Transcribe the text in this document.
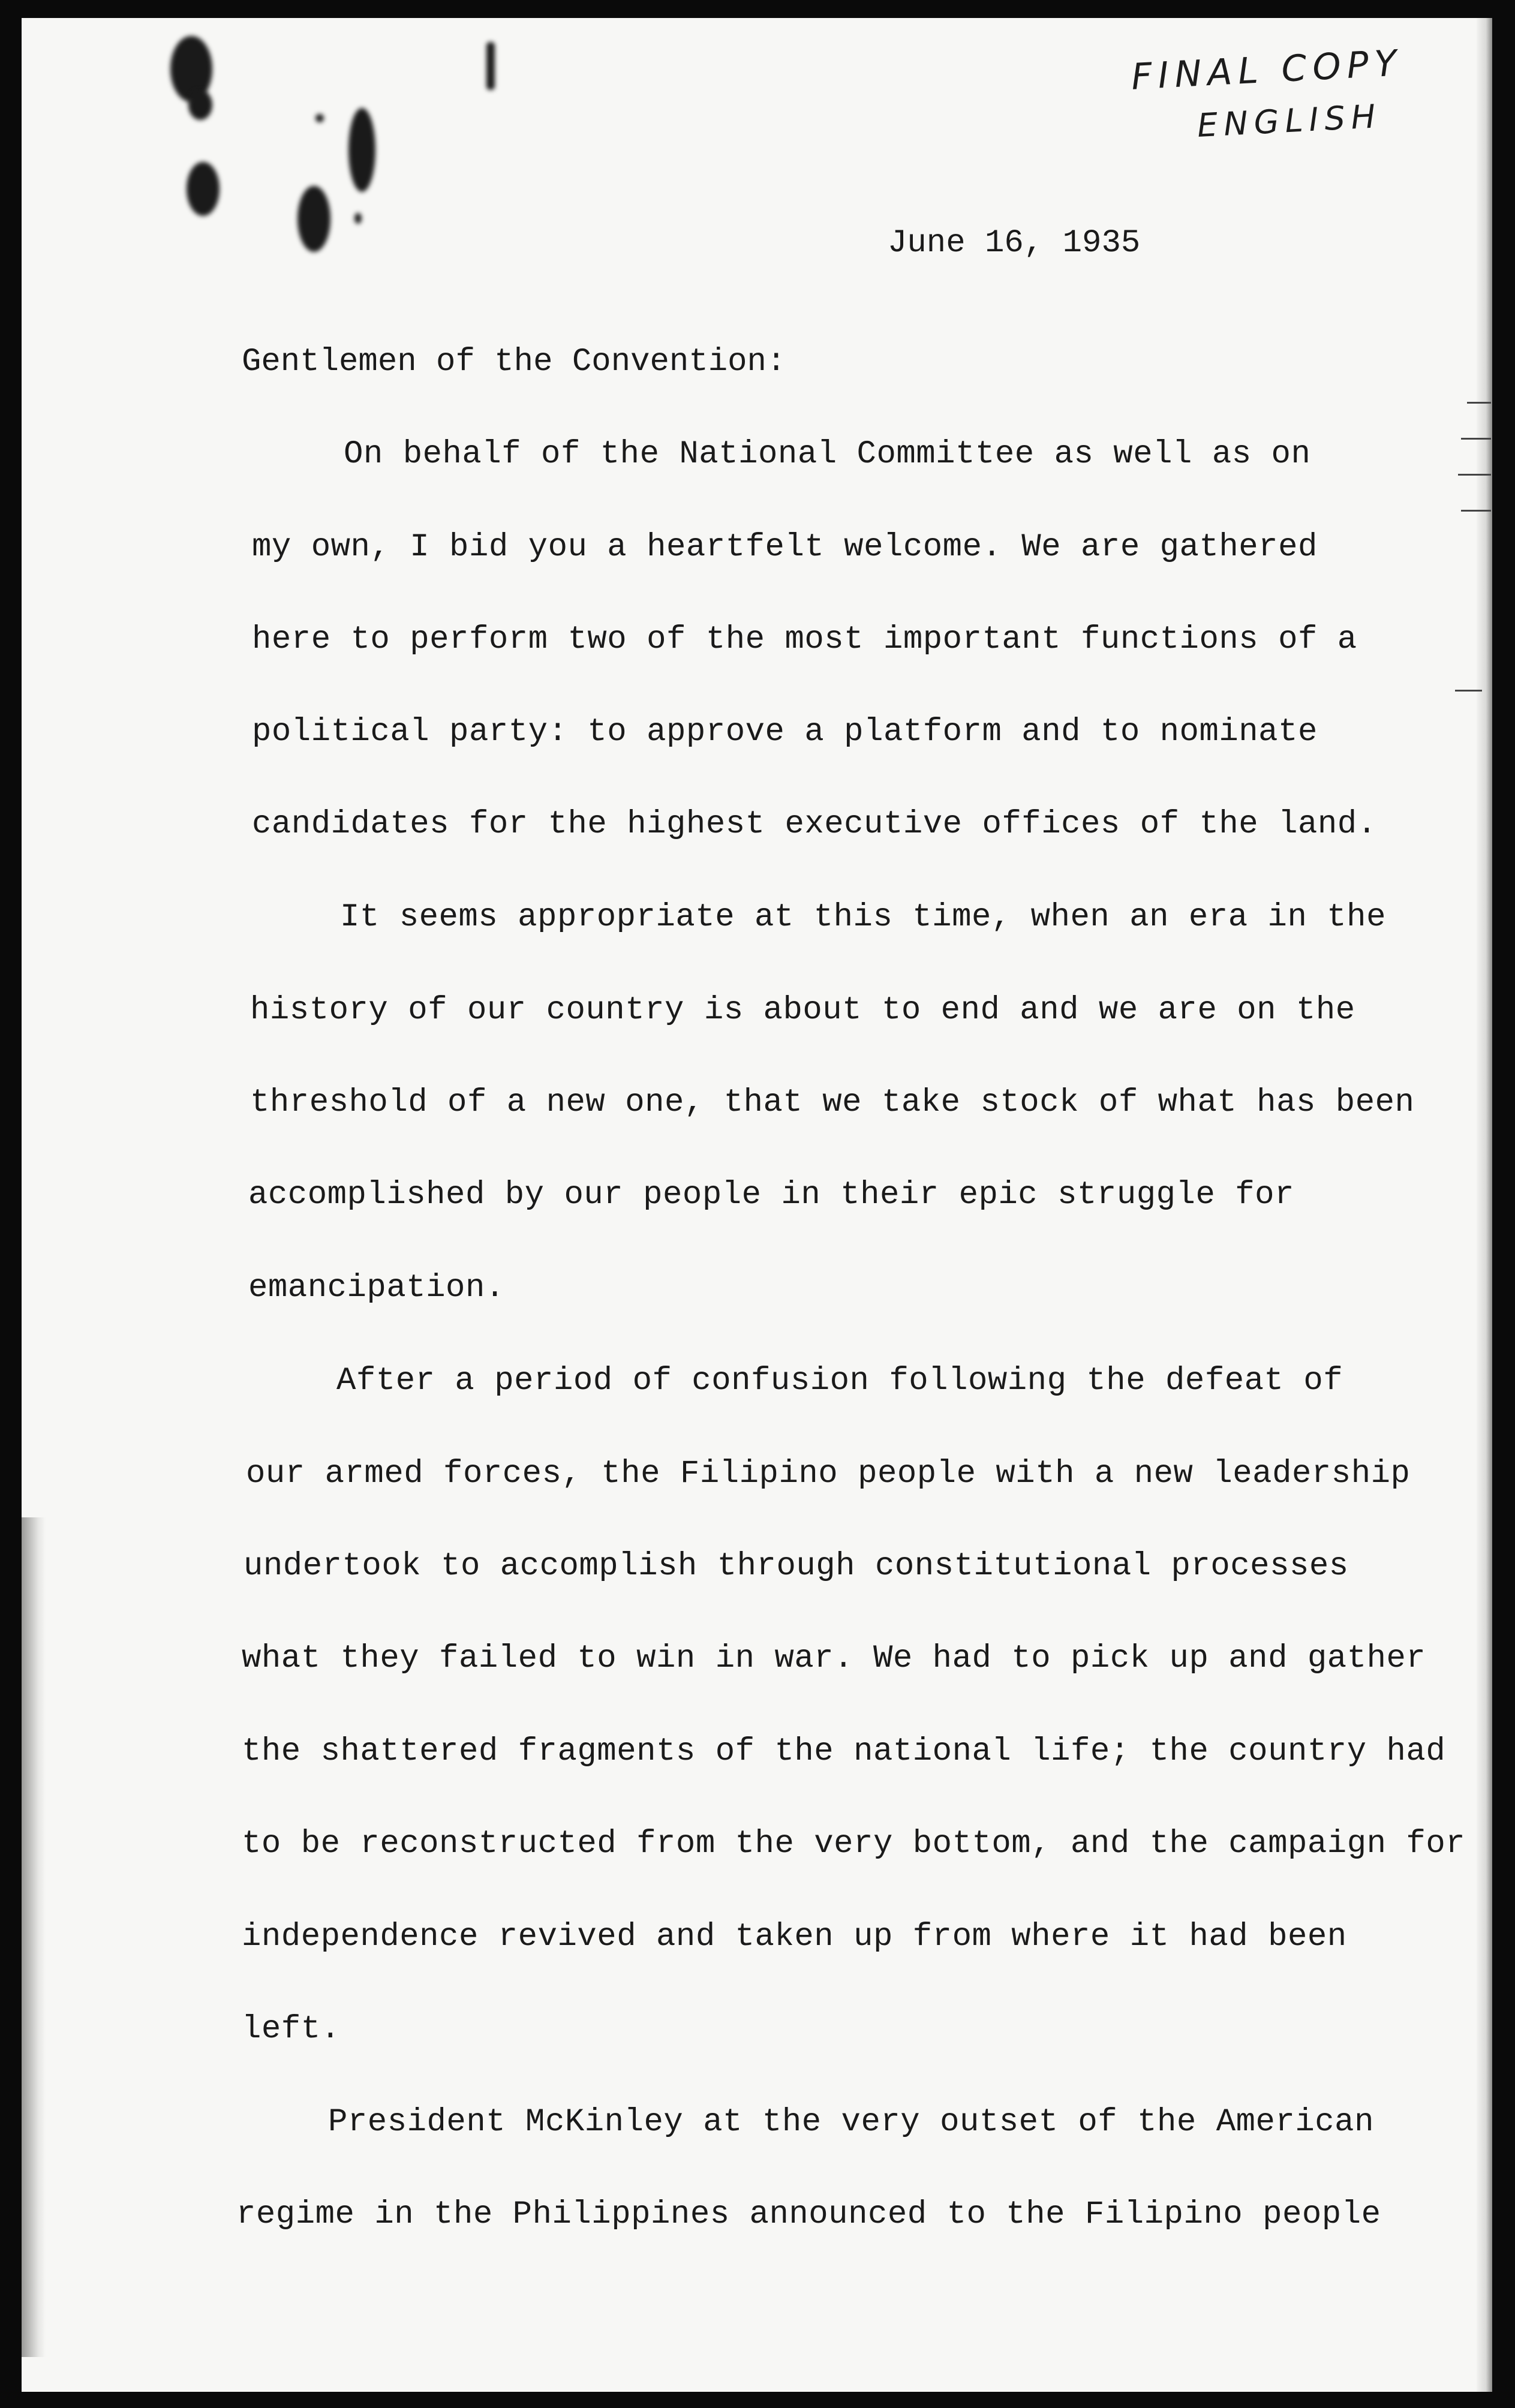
FINAL COPY
ENGLISH
June 16, 1935
Gentlemen of the Convention:
On behalf of the National Committee as well as on
my own, I bid you a heartfelt welcome. We are gathered
here to perform two of the most important functions of a
political party: to approve a platform and to nominate
candidates for the highest executive offices of the land.
It seems appropriate at this time, when an era in the
history of our country is about to end and we are on the
threshold of a new one, that we take stock of what has been
accomplished by our people in their epic struggle for
emancipation.
After a period of confusion following the defeat of
our armed forces, the Filipino people with a new leadership
undertook to accomplish through constitutional processes
what they failed to win in war. We had to pick up and gather
the shattered fragments of the national life; the country had
to be reconstructed from the very bottom, and the campaign for
independence revived and taken up from where it had been
left.
President McKinley at the very outset of the American
regime in the Philippines announced to the Filipino people
